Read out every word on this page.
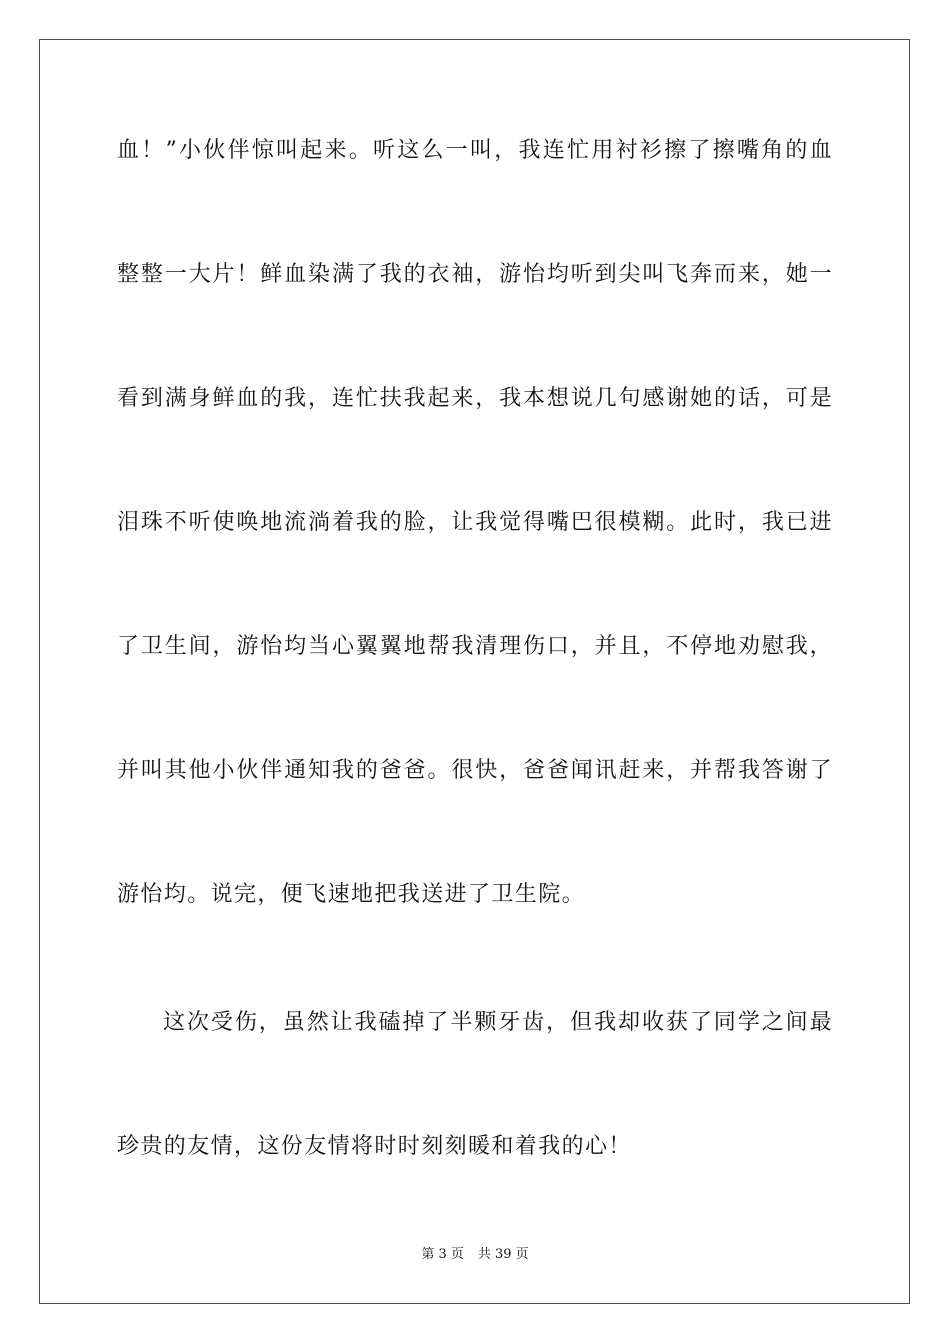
血！”小伙伴惊叫起来。听这么一叫，我连忙用衬衫擦了擦嘴角的血
整整一大片！鲜血染满了我的衣袖，游怡均听到尖叫飞奔而来，她一
看到满身鲜血的我，连忙扶我起来，我本想说几句感谢她的话，可是
泪珠不听使唤地流淌着我的脸，让我觉得嘴巴很模糊。此时，我已进
了卫生间，游怡均当心翼翼地帮我清理伤口，并且，不停地劝慰我，
并叫其他小伙伴通知我的爸爸。很快，爸爸闻讯赶来，并帮我答谢了
游怡均。说完，便飞速地把我送进了卫生院。
这次受伤，虽然让我磕掉了半颗牙齿，但我却收获了同学之间最
珍贵的友情，这份友情将时时刻刻暖和着我的心！
第 3 页 共 39 页
